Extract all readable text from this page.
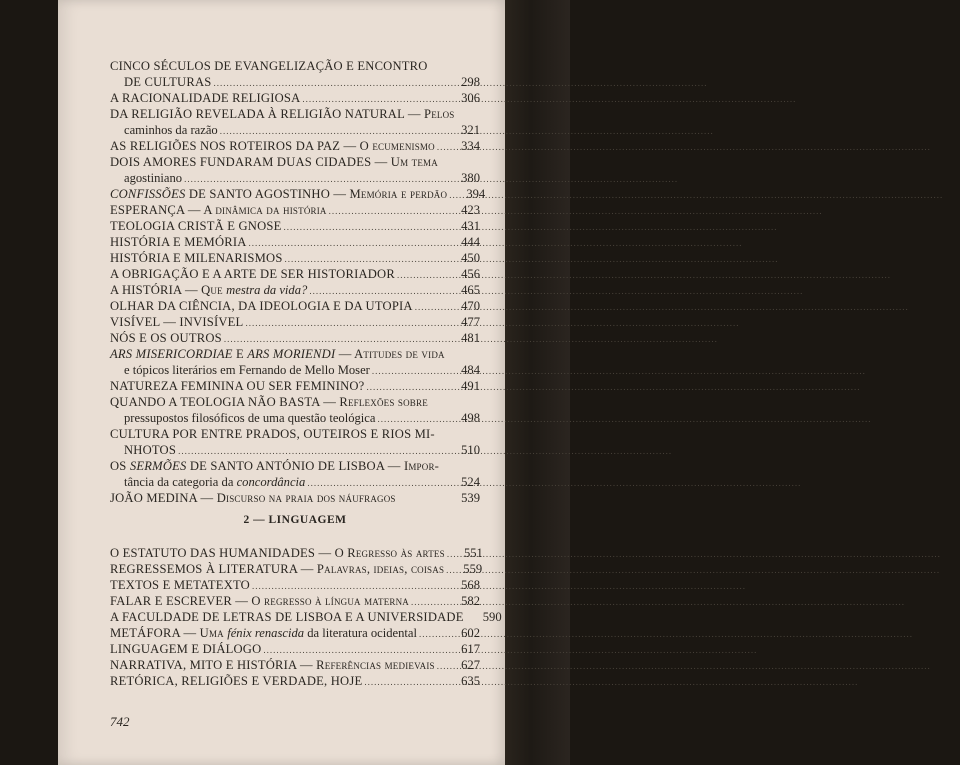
CINCO SÉCULOS DE EVANGELIZAÇÃO E ENCONTRO
DE CULTURAS .....	298
A RACIONALIDADE RELIGIOSA .....	306
DA RELIGIÃO REVELADA À RELIGIÃO NATURAL — Pelos
caminhos da razão .....	321
AS RELIGIÕES NOS ROTEIROS DA PAZ — O ecumenismo .....	334
DOIS AMORES FUNDARAM DUAS CIDADES — Um tema
agostiniano .....	380
CONFISSÕES DE SANTO AGOSTINHO — Memória e perdão .....	394
ESPERANÇA — A dinâmica da história .....	423
TEOLOGIA CRISTÃ E GNOSE .....	431
HISTÓRIA E MEMÓRIA .....	444
HISTÓRIA E MILENARISMOS .....	450
A OBRIGAÇÃO E A ARTE DE SER HISTORIADOR .....	456
A HISTÓRIA — Que mestra da vida? .....	465
OLHAR DA CIÊNCIA, DA IDEOLOGIA E DA UTOPIA .....	470
VISÍVEL — INVISÍVEL .....	477
NÓS E OS OUTROS .....	481
ARS MISERICORDIAE E ARS MORIENDI — Atitudes de vida
e tópicos literários em Fernando de Mello Moser .....	484
NATUREZA FEMININA OU SER FEMININO? .....	491
QUANDO A TEOLOGIA NÃO BASTA — Reflexões sobre
pressupostos filosóficos de uma questão teológica .....	498
CULTURA POR ENTRE PRADOS, OUTEIROS E RIOS MI-
NHOTOS .....	510
OS SERMÕES DE SANTO ANTÓNIO DE LISBOA — Impor-
tância da categoria da concordância .....	524
JOÃO MEDINA — Discurso na praia dos náufragos	539
2 — LINGUAGEM
O ESTATUTO DAS HUMANIDADES — O Regresso às artes .....	551
REGRESSEMOS À LITERATURA — Palavras, ideias, coisas .....	559
TEXTOS E METATEXTO .....	568
FALAR E ESCREVER — O regresso à língua materna .....	582
A FACULDADE DE LETRAS DE LISBOA E A UNIVERSIDADE	590
METÁFORA — Uma fénix renascida da literatura ocidental .....	602
LINGUAGEM E DIÁLOGO .....	617
NARRATIVA, MITO E HISTÓRIA — Referências medievais .....	627
RETÓRICA, RELIGIÕES E VERDADE, HOJE .....	635
742
